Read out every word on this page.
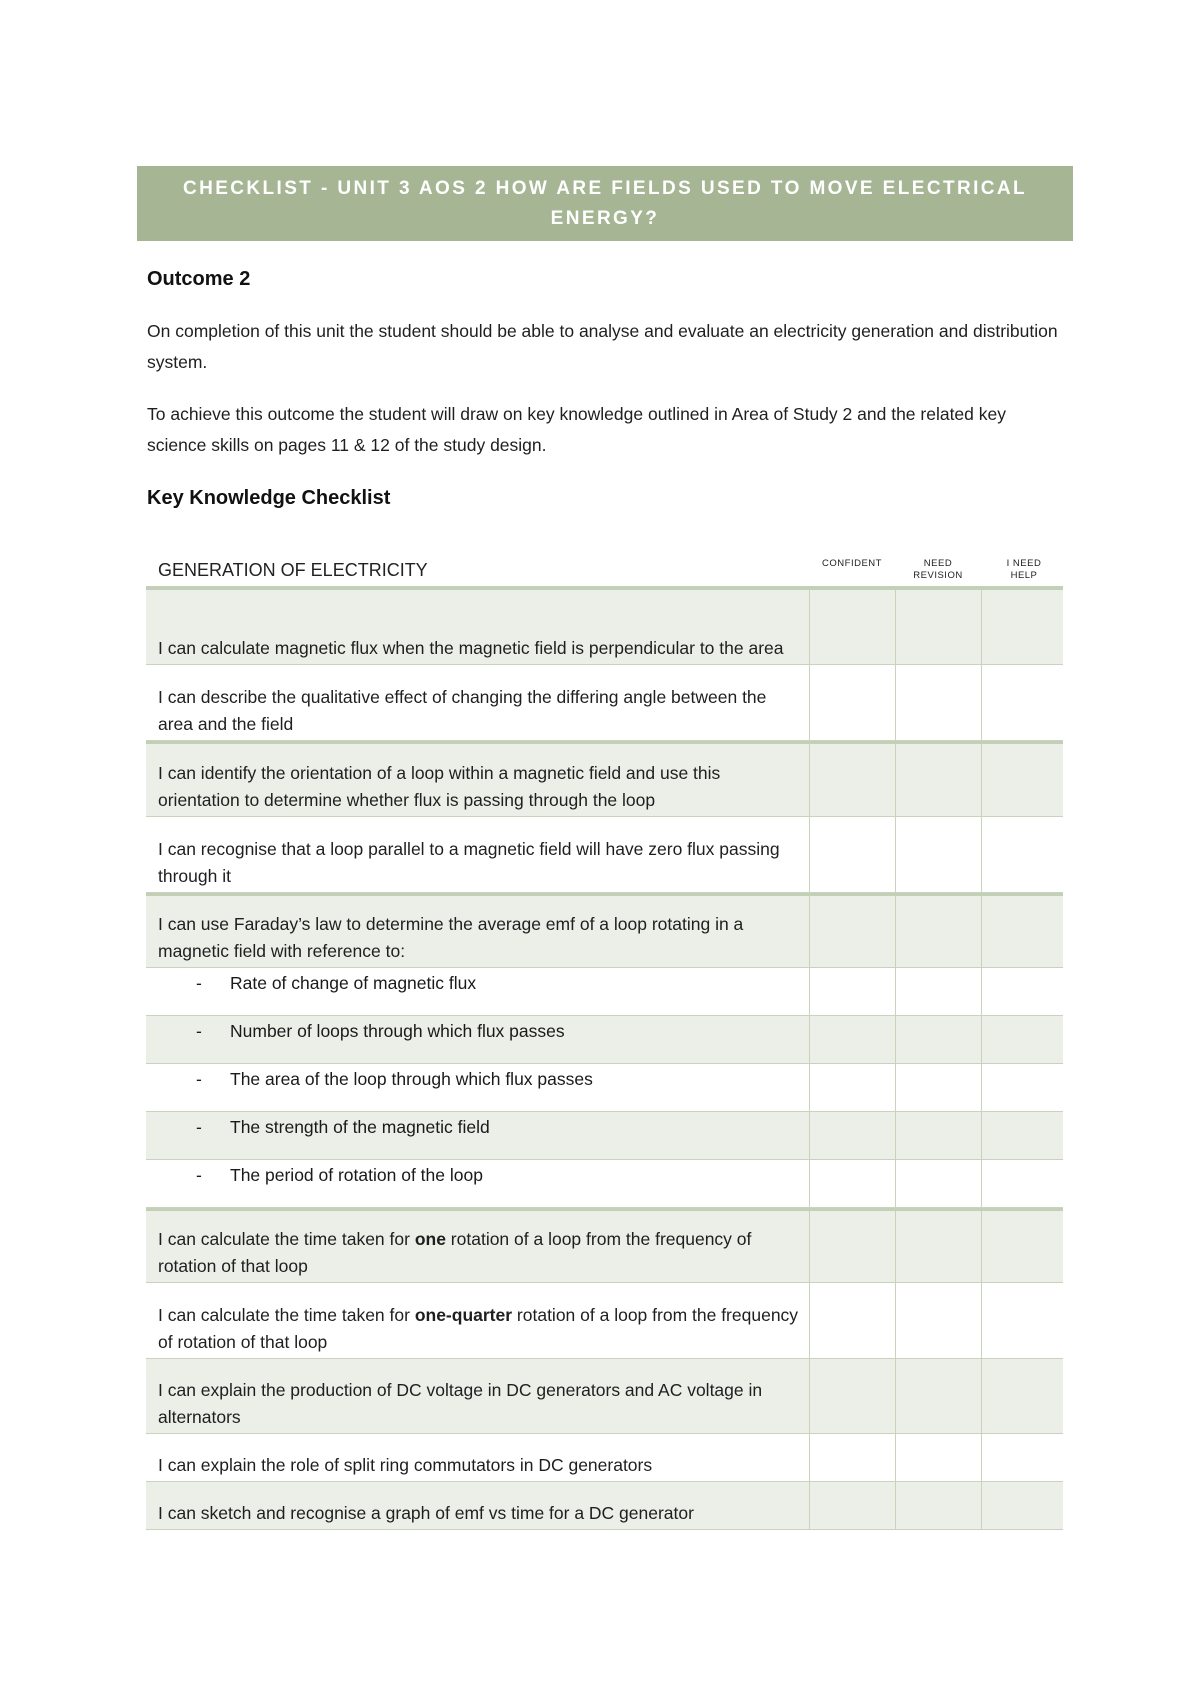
CHECKLIST - UNIT 3 AOS 2 HOW ARE FIELDS USED TO MOVE ELECTRICAL
ENERGY?
Outcome 2
On completion of this unit the student should be able to analyse and evaluate an electricity generation and distribution system.
To achieve this outcome the student will draw on key knowledge outlined in Area of Study 2 and the related key science skills on pages 11 & 12 of the study design.
Key Knowledge Checklist
GENERATION OF ELECTRICITY	CONFIDENT	NEED
REVISION
I NEED
HELP
I can calculate magnetic flux when the magnetic field is perpendicular to the area
I can describe the qualitative effect of changing the differing angle between the area and the field
I can identify the orientation of a loop within a magnetic field and use this orientation to determine whether flux is passing through the loop
I can recognise that a loop parallel to a magnetic field will have zero flux passing through it
I can use Faraday’s law to determine the average emf of a loop rotating in a magnetic field with reference to:
- Rate of change of magnetic flux
- Number of loops through which flux passes
- The area of the loop through which flux passes
- The strength of the magnetic field
- The period of rotation of the loop
I can calculate the time taken for one rotation of a loop from the frequency of rotation of that loop
I can calculate the time taken for one-quarter rotation of a loop from the frequency of rotation of that loop
I can explain the production of DC voltage in DC generators and AC voltage in alternators
I can explain the role of split ring commutators in DC generators
I can sketch and recognise a graph of emf vs time for a DC generator
